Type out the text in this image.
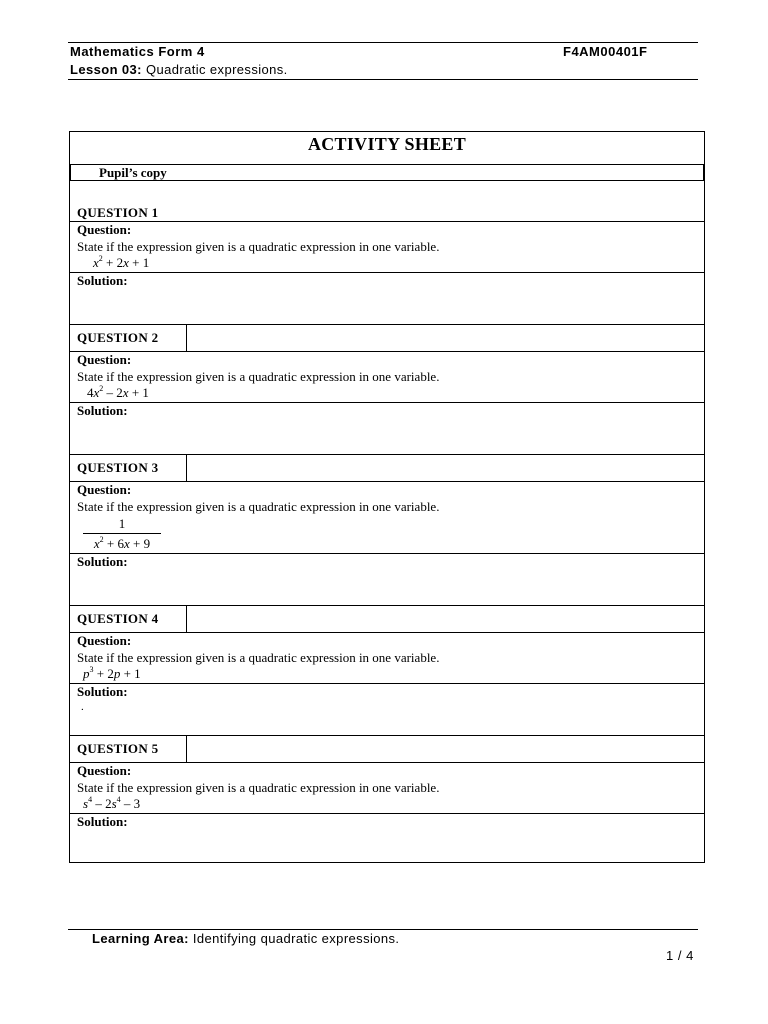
Mathematics Form 4	F4AM00401F
Lesson 03: Quadratic expressions.
ACTIVITY SHEET
Pupil’s copy
QUESTION 1
Question:
State if the expression given is a quadratic expression in one variable.
$x^2 + 2x + 1$
Solution:
QUESTION 2
Question:
State if the expression given is a quadratic expression in one variable.
$4x^2 - 2x + 1$
Solution:
QUESTION 3
Question:
State if the expression given is a quadratic expression in one variable.
1
$x^2 + 6x + 9$
Solution:
QUESTION 4
Question:
State if the expression given is a quadratic expression in one variable.
$p^3 + 2p + 1$
Solution:
.
QUESTION 5
Question:
State if the expression given is a quadratic expression in one variable.
$s^4 - 2s^4 - 3$
Solution:
Learning Area: Identifying quadratic expressions.
1 / 4
